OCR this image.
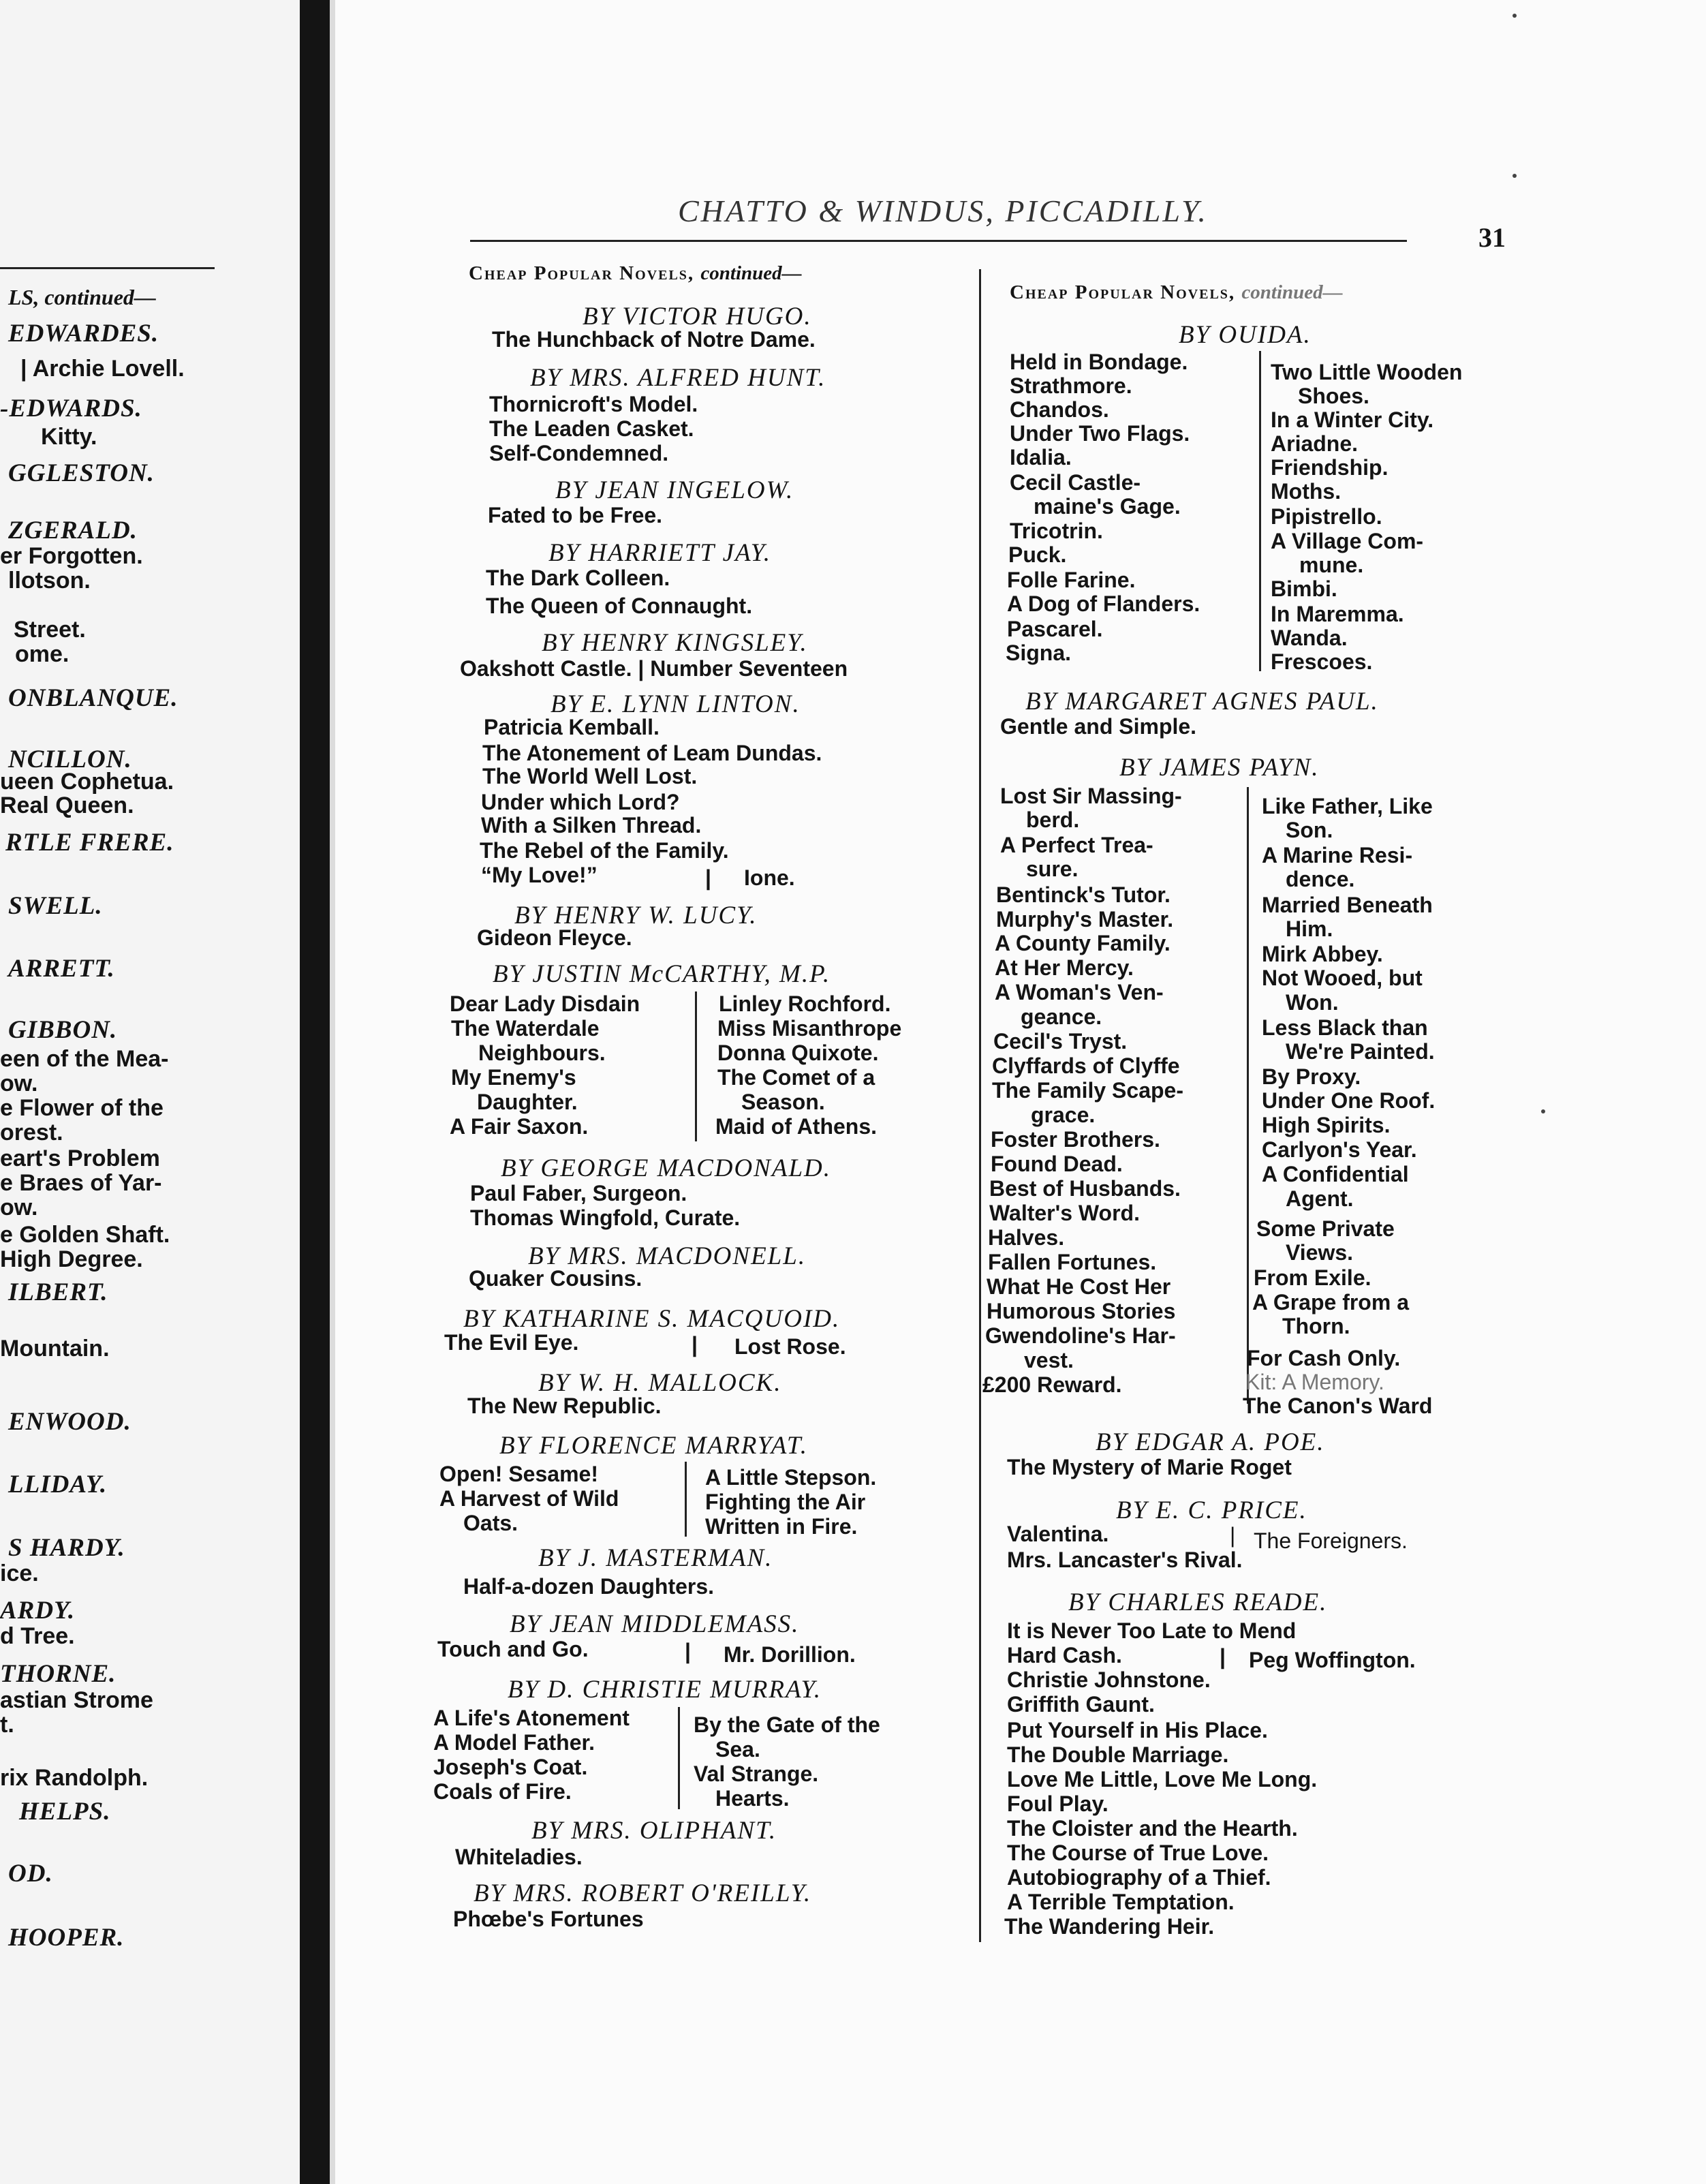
LS, continued—
EDWARDES.
| Archie Lovell.
-EDWARDS.
Kitty.
GGLESTON.
ZGERALD.
er Forgotten.
llotson.
Street.
ome.
ONBLANQUE.
NCILLON.
ueen Cophetua.
Real Queen.
RTLE FRERE.
SWELL.
ARRETT.
GIBBON.
een of the Mea-
ow.
e Flower of the
orest.
eart's Problem
e Braes of Yar-
ow.
e Golden Shaft.
High Degree.
ILBERT.
Mountain.
ENWOOD.
LLIDAY.
S HARDY.
ice.
ARDY.
d Tree.
THORNE.
astian Strome
t.
rix Randolph.
HELPS.
OD.
HOOPER.
CHATTO & WINDUS, PICCADILLY.
31
Cheap Popular Novels, continued—
BY VICTOR HUGO.
The Hunchback of Notre Dame.
BY MRS. ALFRED HUNT.
Thornicroft's Model.
The Leaden Casket.
Self-Condemned.
BY JEAN INGELOW.
Fated to be Free.
BY HARRIETT JAY.
The Dark Colleen.
The Queen of Connaught.
BY HENRY KINGSLEY.
Oakshott Castle. | Number Seventeen
BY E. LYNN LINTON.
Patricia Kemball.
The Atonement of Leam Dundas.
The World Well Lost.
Under which Lord?
With a Silken Thread.
The Rebel of the Family.
“My Love!”	| Ione.
BY HENRY W. LUCY.
Gideon Fleyce.
BY JUSTIN McCARTHY, M.P.
Dear Lady Disdain
The Waterdale
Neighbours.
My Enemy's
Daughter.
A Fair Saxon.
Linley Rochford.
Miss Misanthrope
Donna Quixote.
The Comet of a
Season.
Maid of Athens.
BY GEORGE MACDONALD.
Paul Faber, Surgeon.
Thomas Wingfold, Curate.
BY MRS. MACDONELL.
Quaker Cousins.
BY KATHARINE S. MACQUOID.
The Evil Eye.	| Lost Rose.
BY W. H. MALLOCK.
The New Republic.
BY FLORENCE MARRYAT.
Open! Sesame!
A Harvest of Wild
Oats.
A Little Stepson.
Fighting the Air
Written in Fire.
BY J. MASTERMAN.
Half-a-dozen Daughters.
BY JEAN MIDDLEMASS.
Touch and Go.	| Mr. Dorillion.
BY D. CHRISTIE MURRAY.
A Life's Atonement
A Model Father.
Joseph's Coat.
Coals of Fire.
By the Gate of the
Sea.
Val Strange.
Hearts.
BY MRS. OLIPHANT.
Whiteladies.
BY MRS. ROBERT O'REILLY.
Phœbe's Fortunes
Cheap Popular Novels, continued—
BY OUIDA.
Held in Bondage.
Strathmore.
Chandos.
Under Two Flags.
Idalia.
Cecil Castle-
maine's Gage.
Tricotrin.
Puck.
Folle Farine.
A Dog of Flanders.
Pascarel.
Signa.
Two Little Wooden
Shoes.
In a Winter City.
Ariadne.
Friendship.
Moths.
Pipistrello.
A Village Com-
mune.
Bimbi.
In Maremma.
Wanda.
Frescoes.
BY MARGARET AGNES PAUL.
Gentle and Simple.
BY JAMES PAYN.
Lost Sir Massing-
berd.
A Perfect Trea-
sure.
Bentinck's Tutor.
Murphy's Master.
A County Family.
At Her Mercy.
A Woman's Ven-
geance.
Cecil's Tryst.
Clyffards of Clyffe
The Family Scape-
grace.
Foster Brothers.
Found Dead.
Best of Husbands.
Walter's Word.
Halves.
Fallen Fortunes.
What He Cost Her
Humorous Stories
Gwendoline's Har-
vest.
£200 Reward.
Like Father, Like
Son.
A Marine Resi-
dence.
Married Beneath
Him.
Mirk Abbey.
Not Wooed, but
Won.
Less Black than
We're Painted.
By Proxy.
Under One Roof.
High Spirits.
Carlyon's Year.
A Confidential
Agent.
Some Private
Views.
From Exile.
A Grape from a
Thorn.
For Cash Only.
Kit: A Memory.
The Canon's Ward
BY EDGAR A. POE.
The Mystery of Marie Roget
BY E. C. PRICE.
Valentina.	| The Foreigners.
Mrs. Lancaster's Rival.
BY CHARLES READE.
It is Never Too Late to Mend
Hard Cash.	| Peg Woffington.
Christie Johnstone.
Griffith Gaunt.
Put Yourself in His Place.
The Double Marriage.
Love Me Little, Love Me Long.
Foul Play.
The Cloister and the Hearth.
The Course of True Love.
Autobiography of a Thief.
A Terrible Temptation.
The Wandering Heir.
